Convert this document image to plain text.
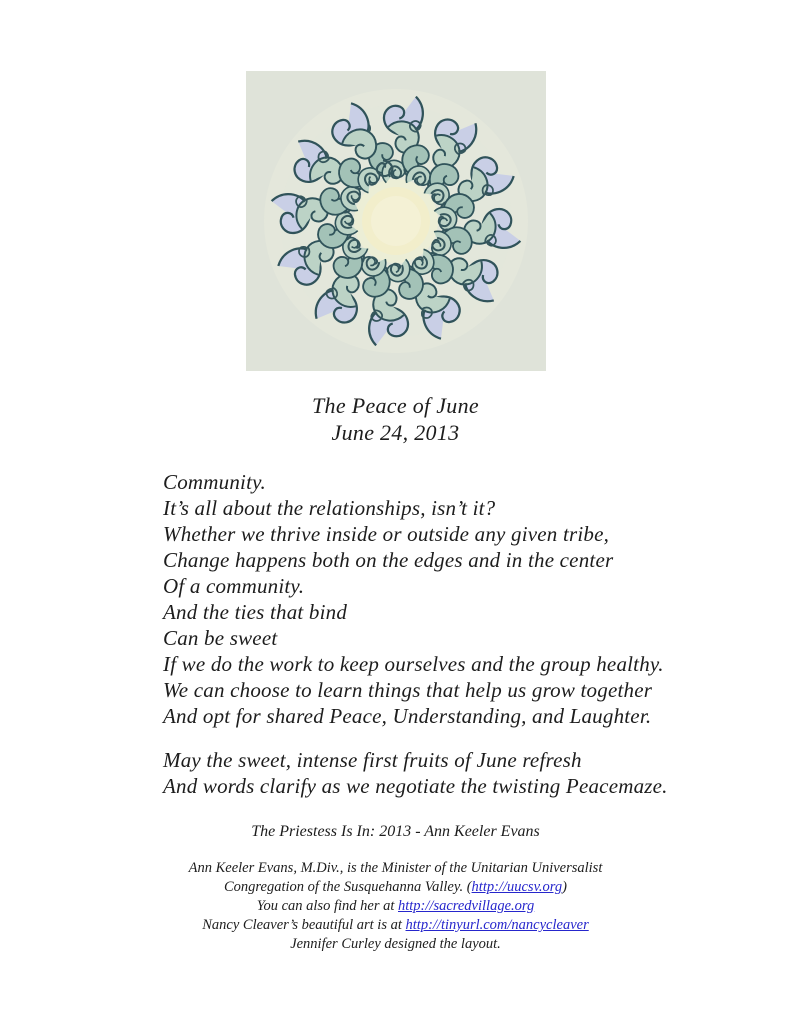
The Peace of June
June 24, 2013
Community.
It’s all about the relationships, isn’t it?
Whether we thrive inside or outside any given tribe,
Change happens both on the edges and in the center
Of a community.
And the ties that bind
Can be sweet
If we do the work to keep ourselves and the group healthy.
We can choose to learn things that help us grow together
And opt for shared Peace, Understanding, and Laughter.
May the sweet, intense first fruits of June refresh
And words clarify as we negotiate the twisting Peacemaze.
The Priestess Is In: 2013 - Ann Keeler Evans
Ann Keeler Evans, M.Div., is the Minister of the Unitarian Universalist
Congregation of the Susquehanna Valley. (http://uucsv.org)
You can also find her at http://sacredvillage.org
Nancy Cleaver’s beautiful art is at http://tinyurl.com/nancycleaver
Jennifer Curley designed the layout.
